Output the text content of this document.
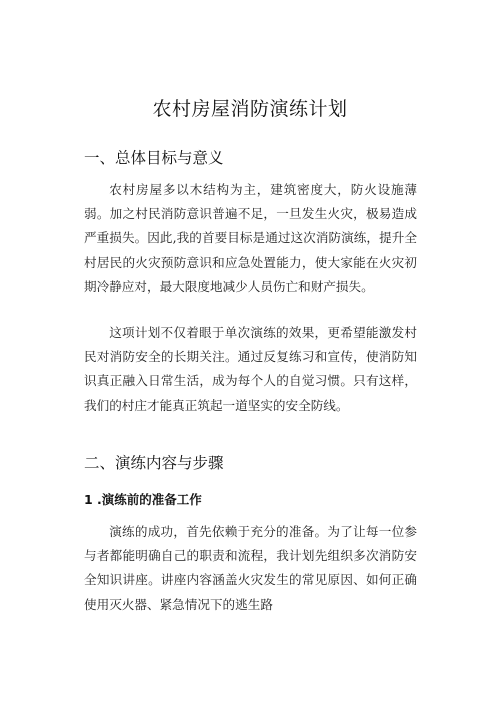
农村房屋消防演练计划
一、总体目标与意义

农村房屋多以木结构为主，建筑密度大，防火设施薄弱。加之村民消防意识普遍不足，一旦发生火灾，极易造成严重损失。因此,我的首要目标是通过这次消防演练，提升全村居民的火灾预防意识和应急处置能力，使大家能在火灾初期冷静应对，最大限度地减少人员伤亡和财产损失。

这项计划不仅着眼于单次演练的效果，更希望能激发村民对消防安全的长期关注。通过反复练习和宣传，使消防知识真正融入日常生活，成为每个人的自觉习惯。只有这样，我们的村庄才能真正筑起一道坚实的安全防线。

二、演练内容与步骤
1 .演练前的准备工作

演练的成功，首先依赖于充分的准备。为了让每一位参与者都能明确自己的职责和流程，我计划先组织多次消防安全知识讲座。讲座内容涵盖火灾发生的常见原因、如何正确使用灭火器、紧急情况下的逃生路
